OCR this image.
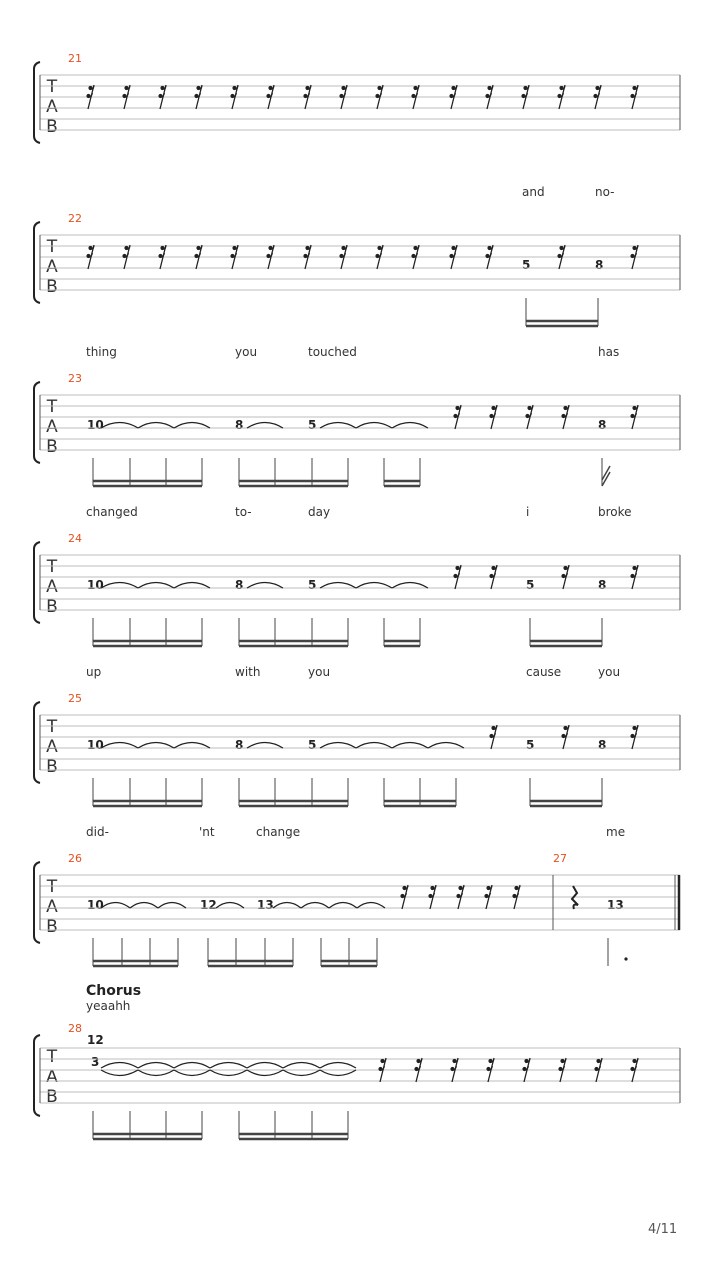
21
T
A
B
22
T
A
B
5	8
and	no-
23
T
A
B
10	8	5	8
thing	you	touched	has
24
T
A
B
10	8	5	5	8
changed	to-	day	i	broke
25
T
A
B
10	8	5	5	8
up	with	you	cause	you
26	27
T
A
B
10	12	13	13
did-	'nt	change	me
Chorus
yeaahh
28
T
A
B
12
3
4/11
